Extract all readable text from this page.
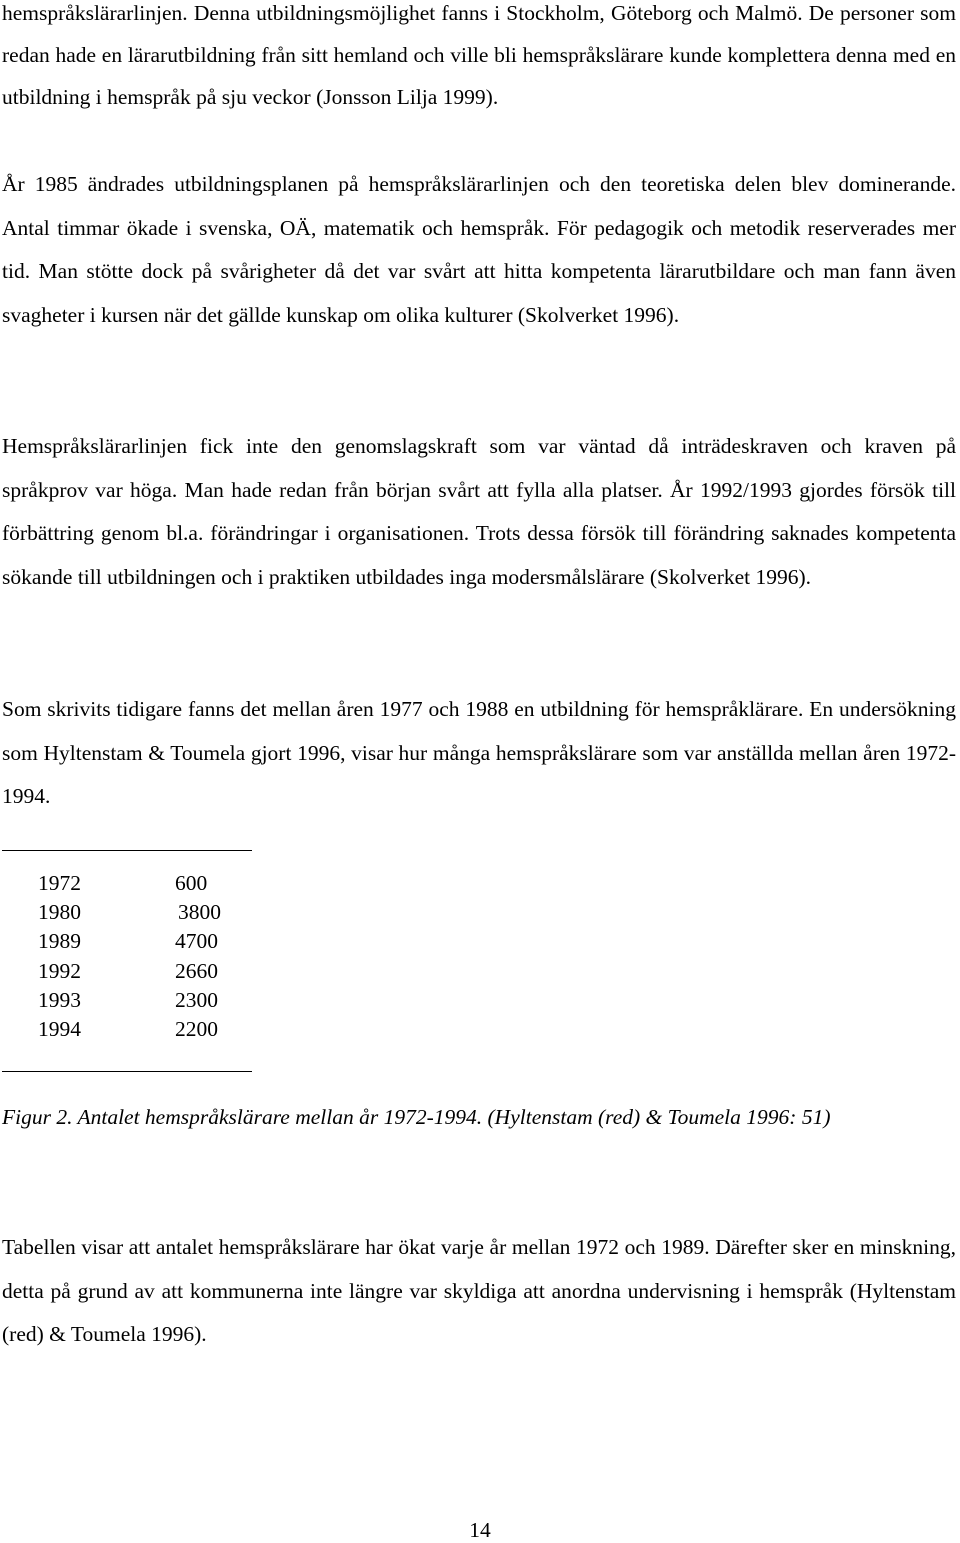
hemspråkslärarlinjen. Denna utbildningsmöjlighet fanns i Stockholm, Göteborg och Malmö. De personer som redan hade en lärarutbildning från sitt hemland och ville bli hemspråkslärare kunde komplettera denna med en utbildning i hemspråk på sju veckor (Jonsson Lilja 1999).

År 1985 ändrades utbildningsplanen på hemspråkslärarlinjen och den teoretiska delen blev dominerande. Antal timmar ökade i svenska, OÄ, matematik och hemspråk. För pedagogik och metodik reserverades mer tid. Man stötte dock på svårigheter då det var svårt att hitta kompetenta lärarutbildare och man fann även svagheter i kursen när det gällde kunskap om olika kulturer (Skolverket 1996).

Hemspråkslärarlinjen fick inte den genomslagskraft som var väntad då inträdeskraven och kraven på språkprov var höga. Man hade redan från början svårt att fylla alla platser. År 1992/1993 gjordes försök till förbättring genom bl.a. förändringar i organisationen. Trots dessa försök till förändring saknades kompetenta sökande till utbildningen och i praktiken utbildades inga modersmålslärare (Skolverket 1996).

Som skrivits tidigare fanns det mellan åren 1977 och 1988 en utbildning för hemspråklärare. En undersökning som Hyltenstam & Toumela gjort 1996, visar hur många hemspråkslärare som var anställda mellan åren 1972-1994.

1972	600
1980	3800
1989	4700
1992	2660
1993	2300
1994	2200

Figur 2. Antalet hemspråkslärare mellan år 1972-1994. (Hyltenstam (red) & Toumela 1996: 51)

Tabellen visar att antalet hemspråkslärare har ökat varje år mellan 1972 och 1989. Därefter sker en minskning, detta på grund av att kommunerna inte längre var skyldiga att anordna undervisning i hemspråk (Hyltenstam (red) & Toumela 1996).

14
